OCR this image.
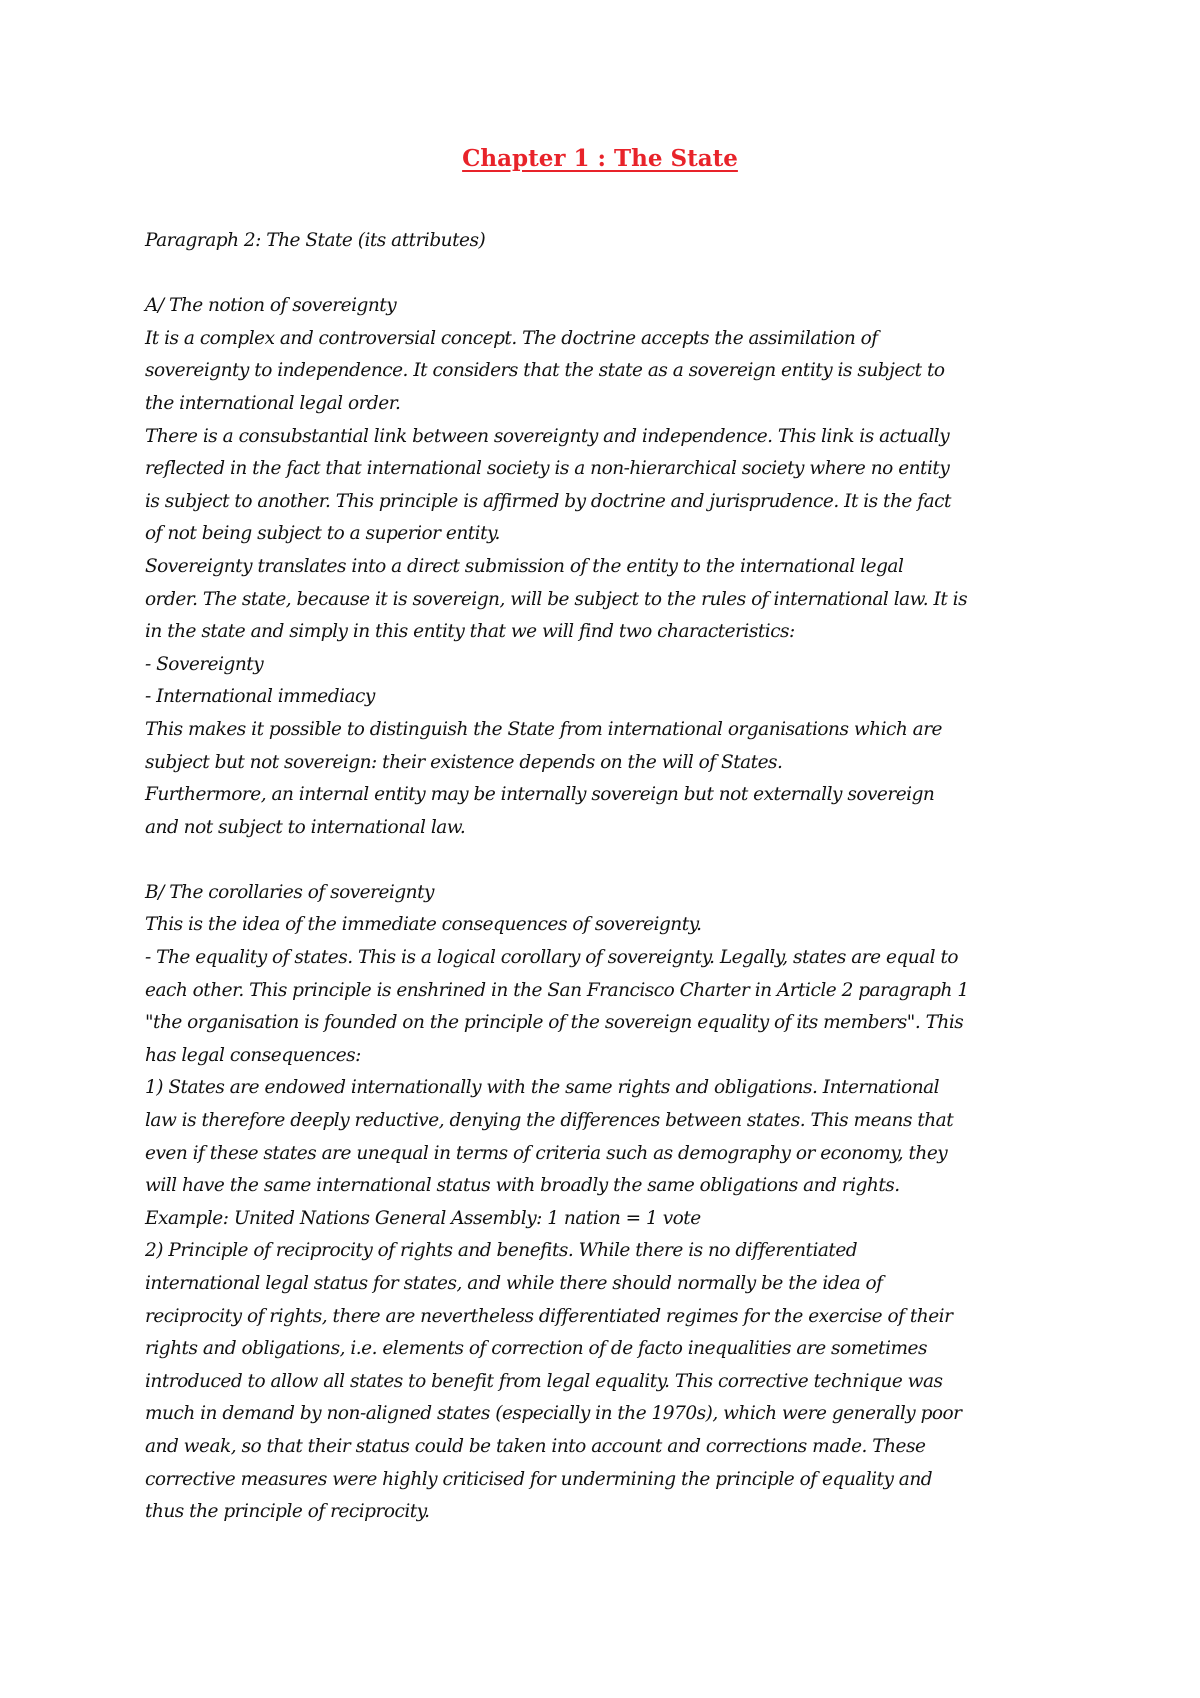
Chapter 1 : The State
Paragraph 2: The State (its attributes)
A/ The notion of sovereignty
It is a complex and controversial concept. The doctrine accepts the assimilation of
sovereignty to independence. It considers that the state as a sovereign entity is subject to
the international legal order.
There is a consubstantial link between sovereignty and independence. This link is actually
reflected in the fact that international society is a non-hierarchical society where no entity
is subject to another. This principle is affirmed by doctrine and jurisprudence. It is the fact
of not being subject to a superior entity.
Sovereignty translates into a direct submission of the entity to the international legal
order. The state, because it is sovereign, will be subject to the rules of international law. It is
in the state and simply in this entity that we will find two characteristics:
- Sovereignty
- International immediacy
This makes it possible to distinguish the State from international organisations which are
subject but not sovereign: their existence depends on the will of States.
Furthermore, an internal entity may be internally sovereign but not externally sovereign
and not subject to international law.
B/ The corollaries of sovereignty
This is the idea of the immediate consequences of sovereignty.
- The equality of states. This is a logical corollary of sovereignty. Legally, states are equal to
each other. This principle is enshrined in the San Francisco Charter in Article 2 paragraph 1
"the organisation is founded on the principle of the sovereign equality of its members". This
has legal consequences:
1) States are endowed internationally with the same rights and obligations. International
law is therefore deeply reductive, denying the differences between states. This means that
even if these states are unequal in terms of criteria such as demography or economy, they
will have the same international status with broadly the same obligations and rights.
Example: United Nations General Assembly: 1 nation = 1 vote
2) Principle of reciprocity of rights and benefits. While there is no differentiated
international legal status for states, and while there should normally be the idea of
reciprocity of rights, there are nevertheless differentiated regimes for the exercise of their
rights and obligations, i.e. elements of correction of de facto inequalities are sometimes
introduced to allow all states to benefit from legal equality. This corrective technique was
much in demand by non-aligned states (especially in the 1970s), which were generally poor
and weak, so that their status could be taken into account and corrections made. These
corrective measures were highly criticised for undermining the principle of equality and
thus the principle of reciprocity.
